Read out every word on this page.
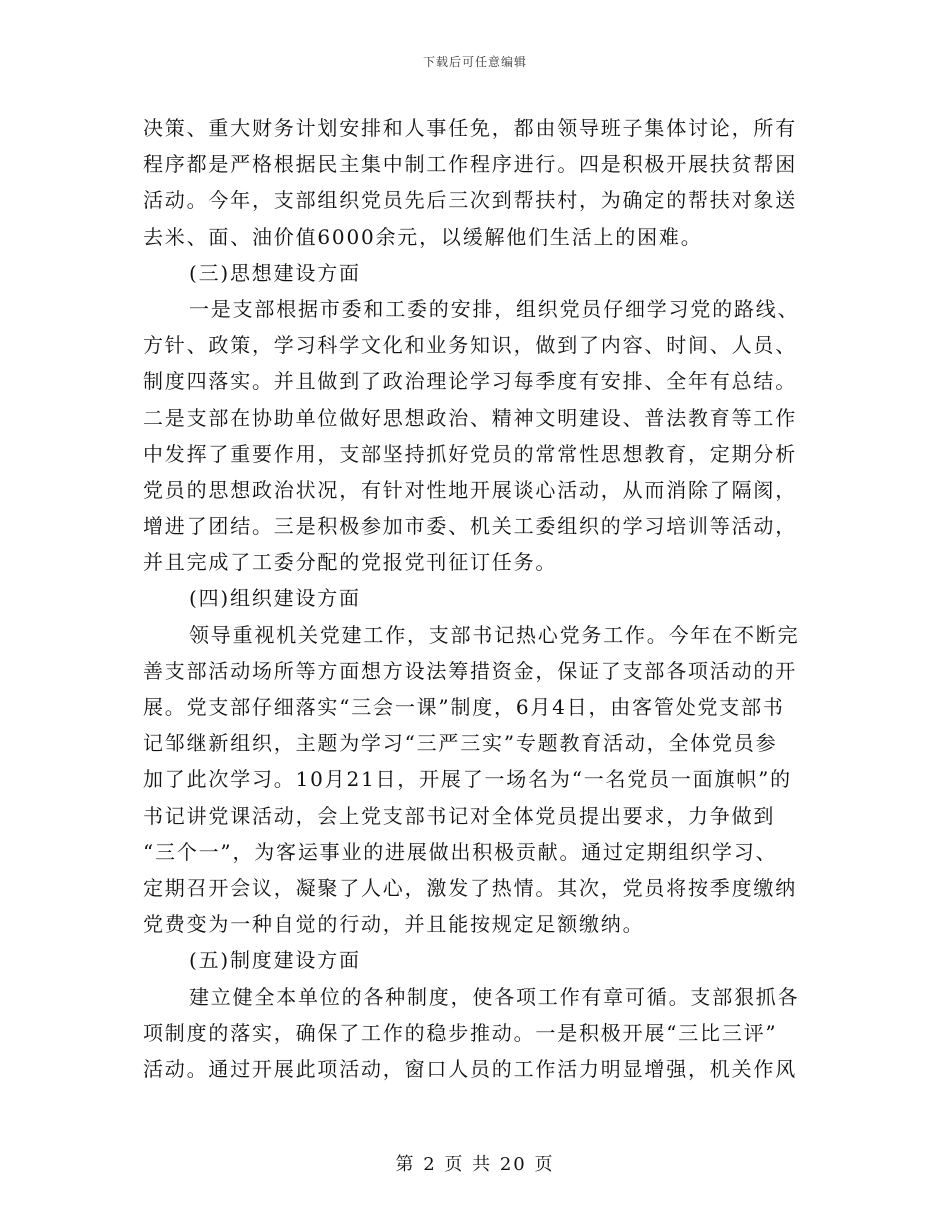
下载后可任意编辑
决策、重大财务计划安排和人事任免，都由领导班子集体讨论，所有
程序都是严格根据民主集中制工作程序进行。四是积极开展扶贫帮困
活动。今年，支部组织党员先后三次到帮扶村，为确定的帮扶对象送
去米、面、油价值6000余元，以缓解他们生活上的困难。
(三)思想建设方面
一是支部根据市委和工委的安排，组织党员仔细学习党的路线、
方针、政策，学习科学文化和业务知识，做到了内容、时间、人员、
制度四落实。并且做到了政治理论学习每季度有安排、全年有总结。
二是支部在协助单位做好思想政治、精神文明建设、普法教育等工作
中发挥了重要作用，支部坚持抓好党员的常常性思想教育，定期分析
党员的思想政治状况，有针对性地开展谈心活动，从而消除了隔阂，
增进了团结。三是积极参加市委、机关工委组织的学习培训等活动，
并且完成了工委分配的党报党刊征订任务。
(四)组织建设方面
领导重视机关党建工作，支部书记热心党务工作。今年在不断完
善支部活动场所等方面想方设法筹措资金，保证了支部各项活动的开
展。党支部仔细落实“三会一课”制度，6月4日，由客管处党支部书
记邹继新组织，主题为学习“三严三实”专题教育活动，全体党员参
加了此次学习。10月21日，开展了一场名为“一名党员一面旗帜”的
书记讲党课活动，会上党支部书记对全体党员提出要求，力争做到
“三个一”，为客运事业的进展做出积极贡献。通过定期组织学习、
定期召开会议，凝聚了人心，激发了热情。其次，党员将按季度缴纳
党费变为一种自觉的行动，并且能按规定足额缴纳。
(五)制度建设方面
建立健全本单位的各种制度，使各项工作有章可循。支部狠抓各
项制度的落实，确保了工作的稳步推动。一是积极开展“三比三评”
活动。通过开展此项活动，窗口人员的工作活力明显增强，机关作风
第 2 页 共 20 页
